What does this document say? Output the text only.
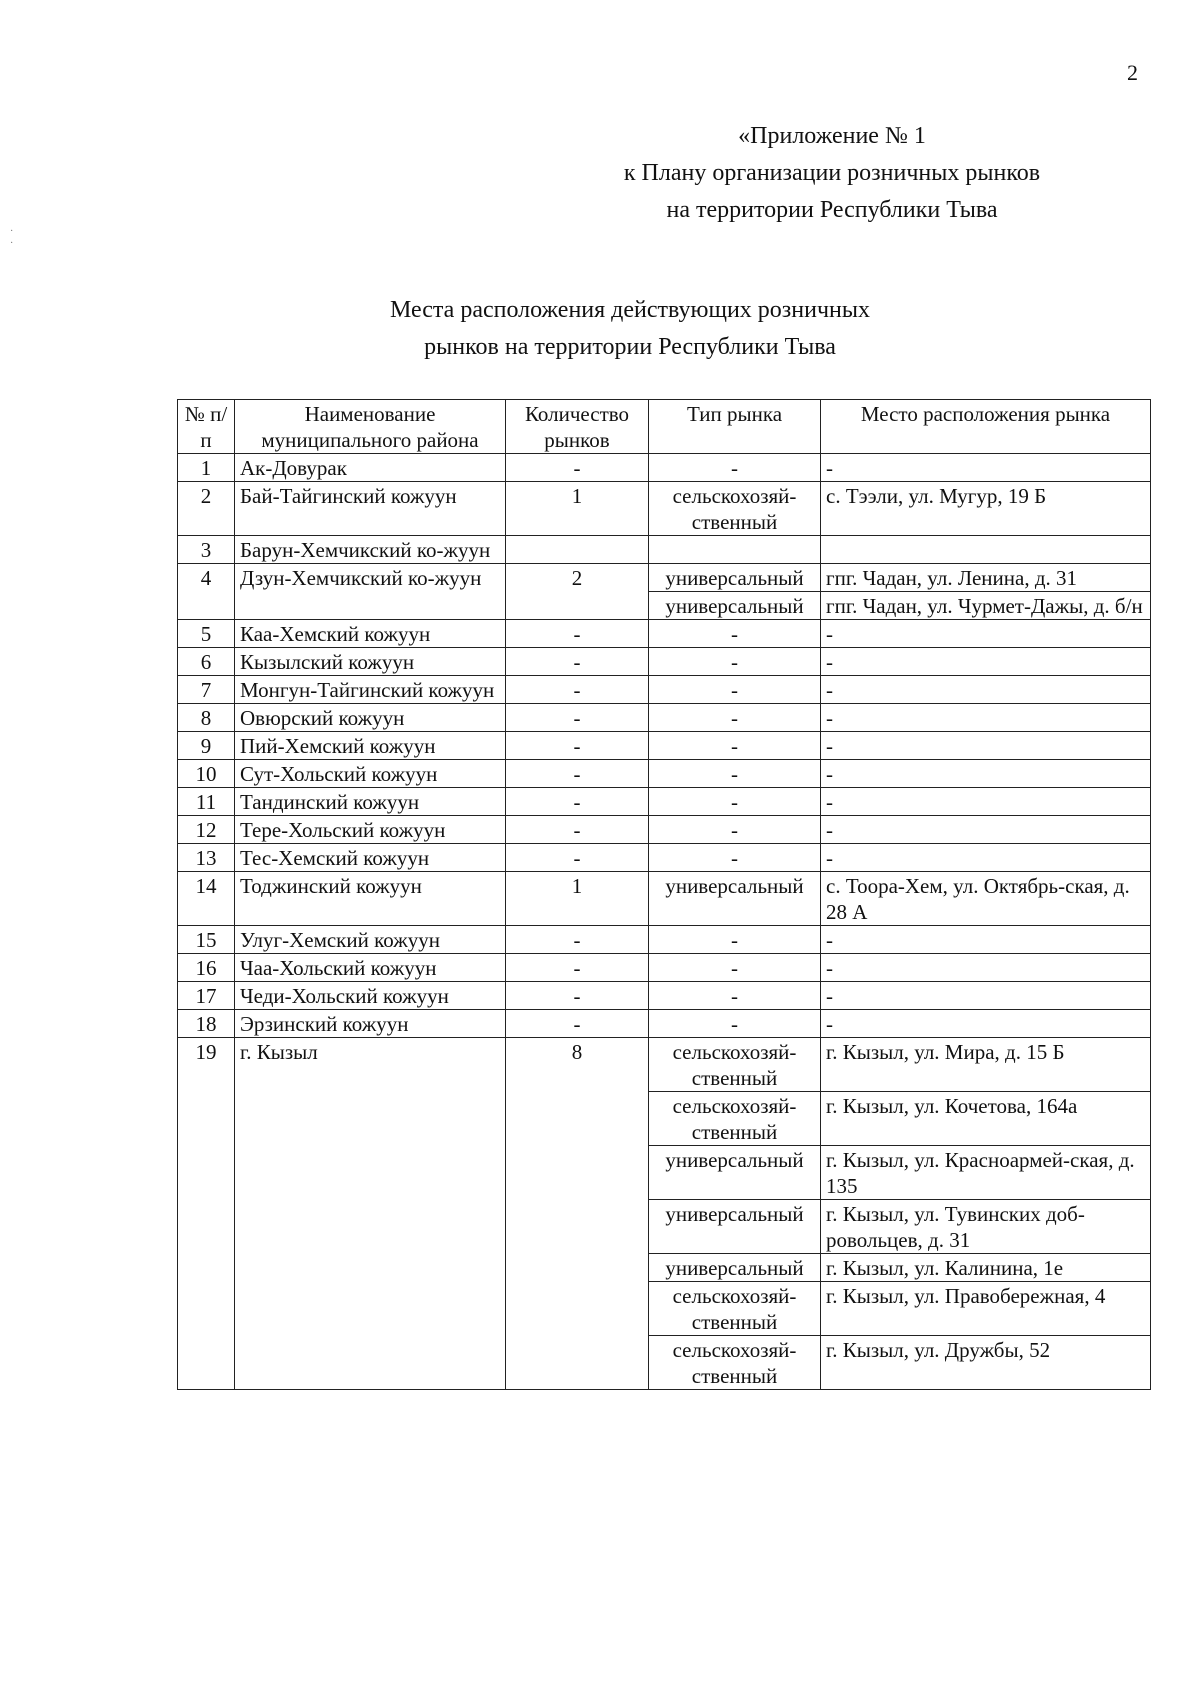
2
«Приложение № 1
к Плану организации розничных рынков
на территории Республики Тыва
Места расположения действующих розничных
рынков на территории Республики Тыва
·
·
№ п/п	Наименование муниципального района	Количество рынков	Тип рынка	Место расположения рынка
1	Ак-Довурак	-	-	-
2	Бай-Тайгинский кожуун	1	сельскохозяй-ственный	с. Тээли, ул. Мугур, 19 Б
3	Барун-Хемчикский ко-жуун			
4	Дзун-Хемчикский ко-жуун	2	универсальный	гпг. Чадан, ул. Ленина, д. 31
			универсальный	гпг. Чадан, ул. Чурмет-Дажы, д. б/н
5	Каа-Хемский кожуун	-	-	-
6	Кызылский кожуун	-	-	-
7	Монгун-Тайгинский кожуун	-	-	-
8	Овюрский кожуун	-	-	-
9	Пий-Хемский кожуун	-	-	-
10	Сут-Хольский кожуун	-	-	-
11	Тандинский кожуун	-	-	-
12	Тере-Хольский кожуун	-	-	-
13	Тес-Хемский кожуун	-	-	-
14	Тоджинский кожуун	1	универсальный	с. Тоора-Хем, ул. Октябрь-ская, д. 28 А
15	Улуг-Хемский кожуун	-	-	-
16	Чаа-Хольский кожуун	-	-	-
17	Чеди-Хольский кожуун	-	-	-
18	Эрзинский кожуун	-	-	-
19	г. Кызыл	8	сельскохозяй-ственный	г. Кызыл, ул. Мира, д. 15 Б
			сельскохозяй-ственный	г. Кызыл, ул. Кочетова, 164а
			универсальный	г. Кызыл, ул. Красноармей-ская, д. 135
			универсальный	г. Кызыл, ул. Тувинских доб-ровольцев, д. 31
			универсальный	г. Кызыл, ул. Калинина, 1е
			сельскохозяй-ственный	г. Кызыл, ул. Правобережная, 4
			сельскохозяй-ственный	г. Кызыл, ул. Дружбы, 52
